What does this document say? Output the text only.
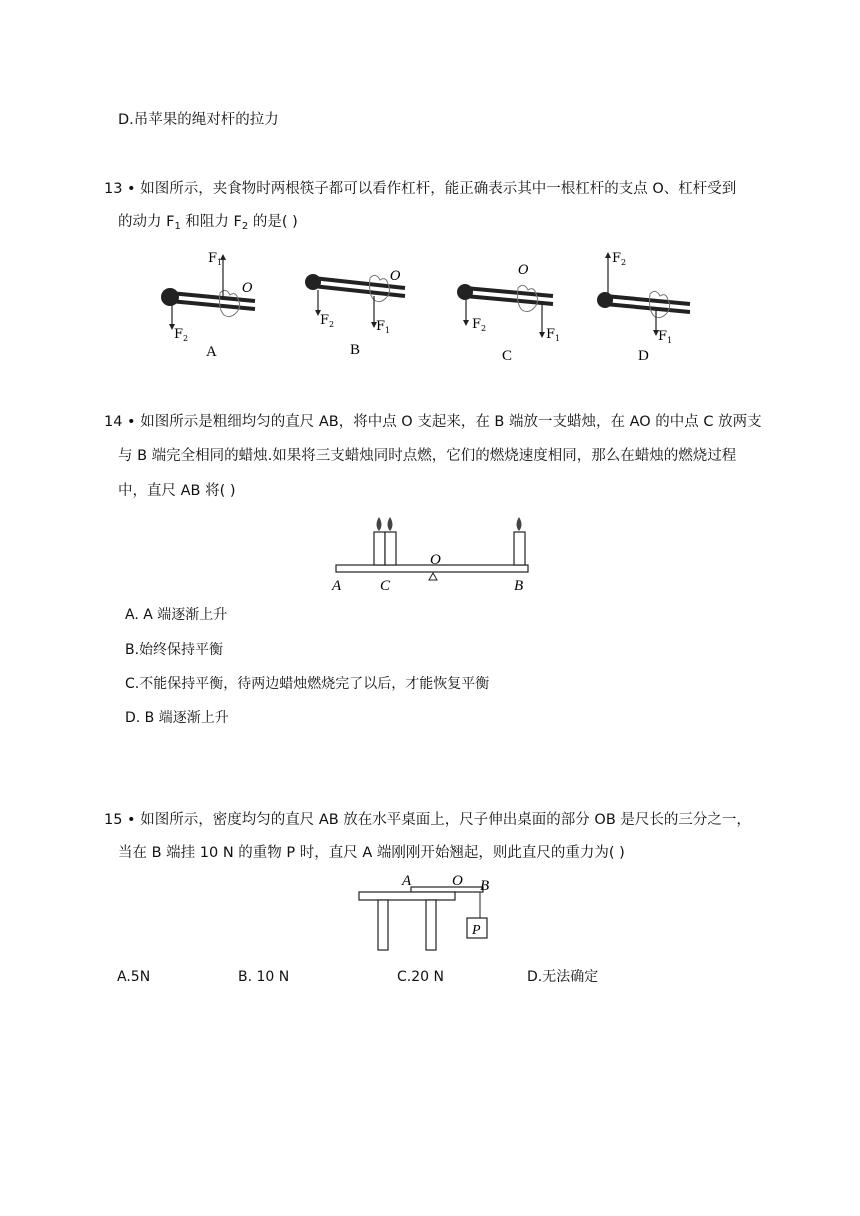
D.吊苹果的绳对杆的拉力
13 • 如图所示，夹食物时两根筷子都可以看作杠杆，能正确表示其中一根杠杆的支点 O、杠杆受到
的动力 $F_1$ 和阻力 $F_2$ 的是( )
$F_1$
$F_2$
O
A
$F_2$	$F_1$
O
B
$F_2$	$F_1$
O
C
$F_2$
$F_1$
D
14 • 如图所示是粗细均匀的直尺 AB，将中点 O 支起来，在 B 端放一支蜡烛，在 AO 的中点 C 放两支
与 B 端完全相同的蜡烛.如果将三支蜡烛同时点燃，它们的燃烧速度相同，那么在蜡烛的燃烧过程
中，直尺 AB 将( )
O
A	C	B
A. A 端逐渐上升
B.始终保持平衡
C.不能保持平衡，待两边蜡烛燃烧完了以后，才能恢复平衡
D. B 端逐渐上升
15 • 如图所示，密度均匀的直尺 AB 放在水平桌面上，尺子伸出桌面的部分 OB 是尺长的三分之一，
当在 B 端挂 10 N 的重物 P 时，直尺 A 端刚刚开始翘起，则此直尺的重力为( )
P
A	O B
A.5N	B. 10 N	C.20 N	D.无法确定
